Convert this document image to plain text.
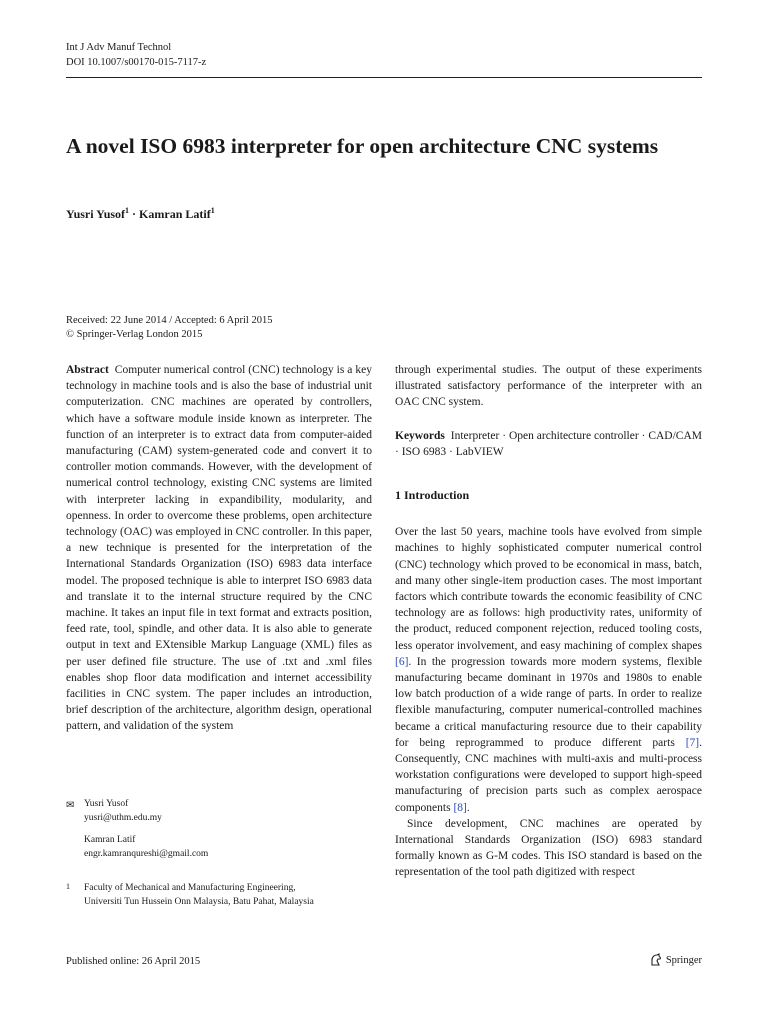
Int J Adv Manuf Technol
DOI 10.1007/s00170-015-7117-z
A novel ISO 6983 interpreter for open architecture CNC systems
Yusri Yusof$^1$ · Kamran Latif$^1$
Received: 22 June 2014 / Accepted: 6 April 2015
© Springer-Verlag London 2015

Abstract Computer numerical control (CNC) technology is a key technology in machine tools and is also the base of industrial unit computerization. CNC machines are operated by controllers, which have a software module inside known as interpreter. The function of an interpreter is to extract data from computer-aided manufacturing (CAM) system-generated code and convert it to controller motion commands. However, with the development of numerical control technology, existing CNC systems are limited with interpreter lacking in expandibility, modularity, and openness. In order to overcome these problems, open architecture technology (OAC) was employed in CNC controller. In this paper, a new technique is presented for the interpretation of the International Standards Organization (ISO) 6983 data interface model. The proposed technique is able to interpret ISO 6983 data and translate it to the internal structure required by the CNC machine. It takes an input file in text format and extracts position, feed rate, tool, spindle, and other data. It is also able to generate output in text and EXtensible Markup Language (XML) files as per user defined file structure. The use of .txt and .xml files enables shop floor data modification and internet accessibility facilities in CNC system. The paper includes an introduction, brief description of the architecture, algorithm design, operational pattern, and validation of the system

through experimental studies. The output of these experiments illustrated satisfactory performance of the interpreter with an OAC CNC system.

Keywords Interpreter · Open architecture controller · CAD/CAM · ISO 6983 · LabVIEW

1 Introduction

Over the last 50 years, machine tools have evolved from simple machines to highly sophisticated computer numerical control (CNC) technology which proved to be economical in mass, batch, and many other single-item production cases. The most important factors which contribute towards the economic feasibility of CNC technology are as follows: high productivity rates, uniformity of the product, reduced component rejection, reduced tooling costs, less operator involvement, and easy machining of complex shapes [6]. In the progression towards more modern systems, flexible manufacturing became dominant in 1970s and 1980s to enable low batch production of a wide range of parts. In order to realize flexible manufacturing, computer numerical-controlled machines became a critical manufacturing resource due to their capability for being reprogrammed to produce different parts [7]. Consequently, CNC machines with multi-axis and multi-process workstation configurations were developed to support high-speed manufacturing of precision parts such as complex aerospace components [8].

Since development, CNC machines are operated by International Standards Organization (ISO) 6983 standard formally known as G-M codes. This ISO standard is based on the representation of the tool path digitized with respect

✉ Yusri Yusof
yusri@uthm.edu.my
Kamran Latif
engr.kamranqureshi@gmail.com
1 Faculty of Mechanical and Manufacturing Engineering,
Universiti Tun Hussein Onn Malaysia, Batu Pahat, Malaysia
Published online: 26 April 2015	Springer
